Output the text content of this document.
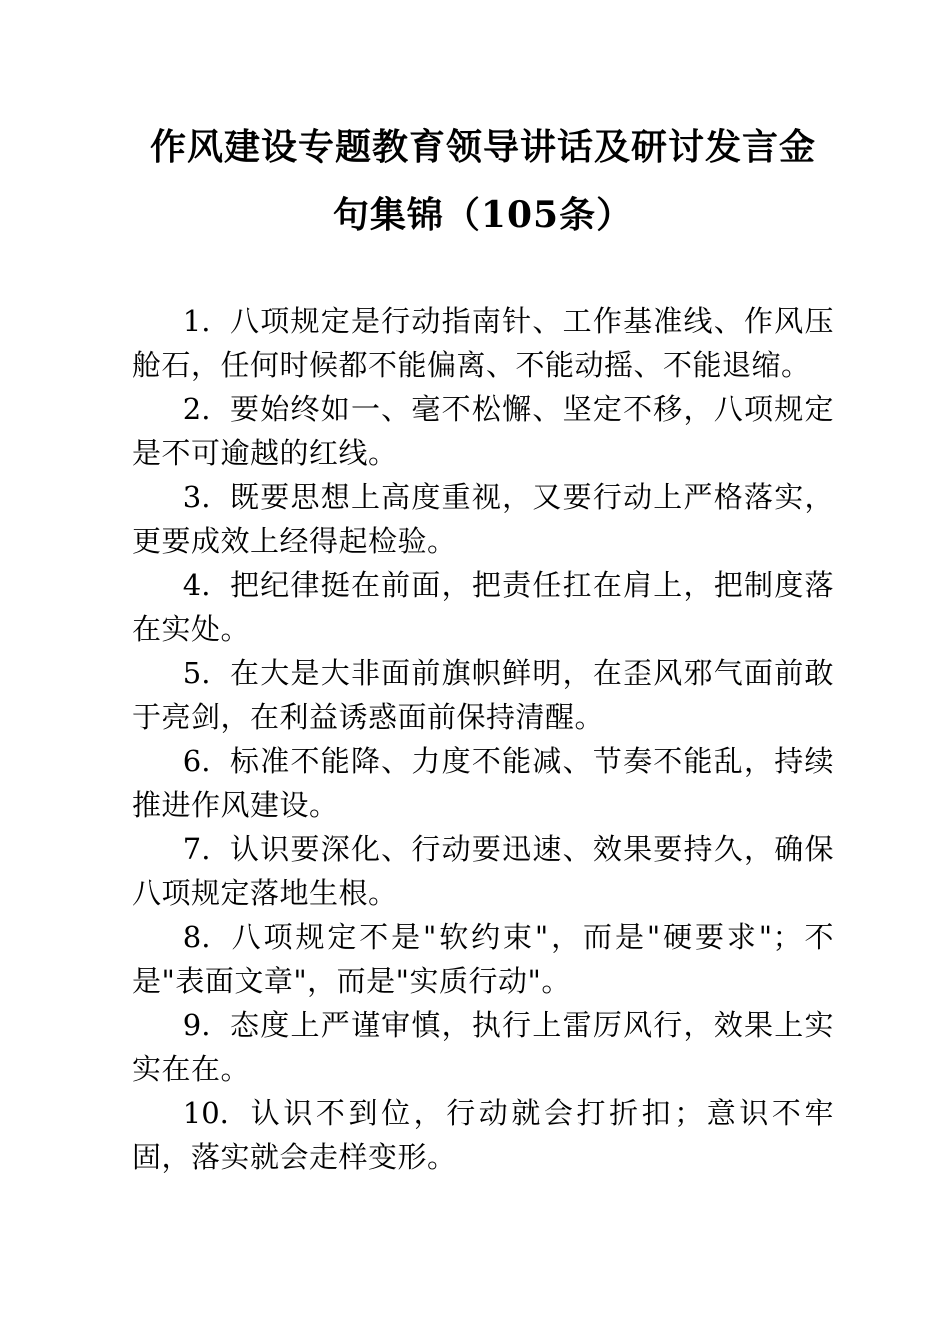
作风建设专题教育领导讲话及研讨发言金句集锦（105条）

1. 八项规定是行动指南针、工作基准线、作风压舱石，任何时候都不能偏离、不能动摇、不能退缩。

2. 要始终如一、毫不松懈、坚定不移，八项规定是不可逾越的红线。

3. 既要思想上高度重视，又要行动上严格落实，更要成效上经得起检验。

4. 把纪律挺在前面，把责任扛在肩上，把制度落在实处。

5. 在大是大非面前旗帜鲜明，在歪风邪气面前敢于亮剑，在利益诱惑面前保持清醒。

6. 标准不能降、力度不能减、节奏不能乱，持续推进作风建设。

7. 认识要深化、行动要迅速、效果要持久，确保八项规定落地生根。

8. 八项规定不是"软约束"，而是"硬要求"；不是"表面文章"，而是"实质行动"。

9. 态度上严谨审慎，执行上雷厉风行，效果上实实在在。

10. 认识不到位，行动就会打折扣；意识不牢固，落实就会走样变形。
